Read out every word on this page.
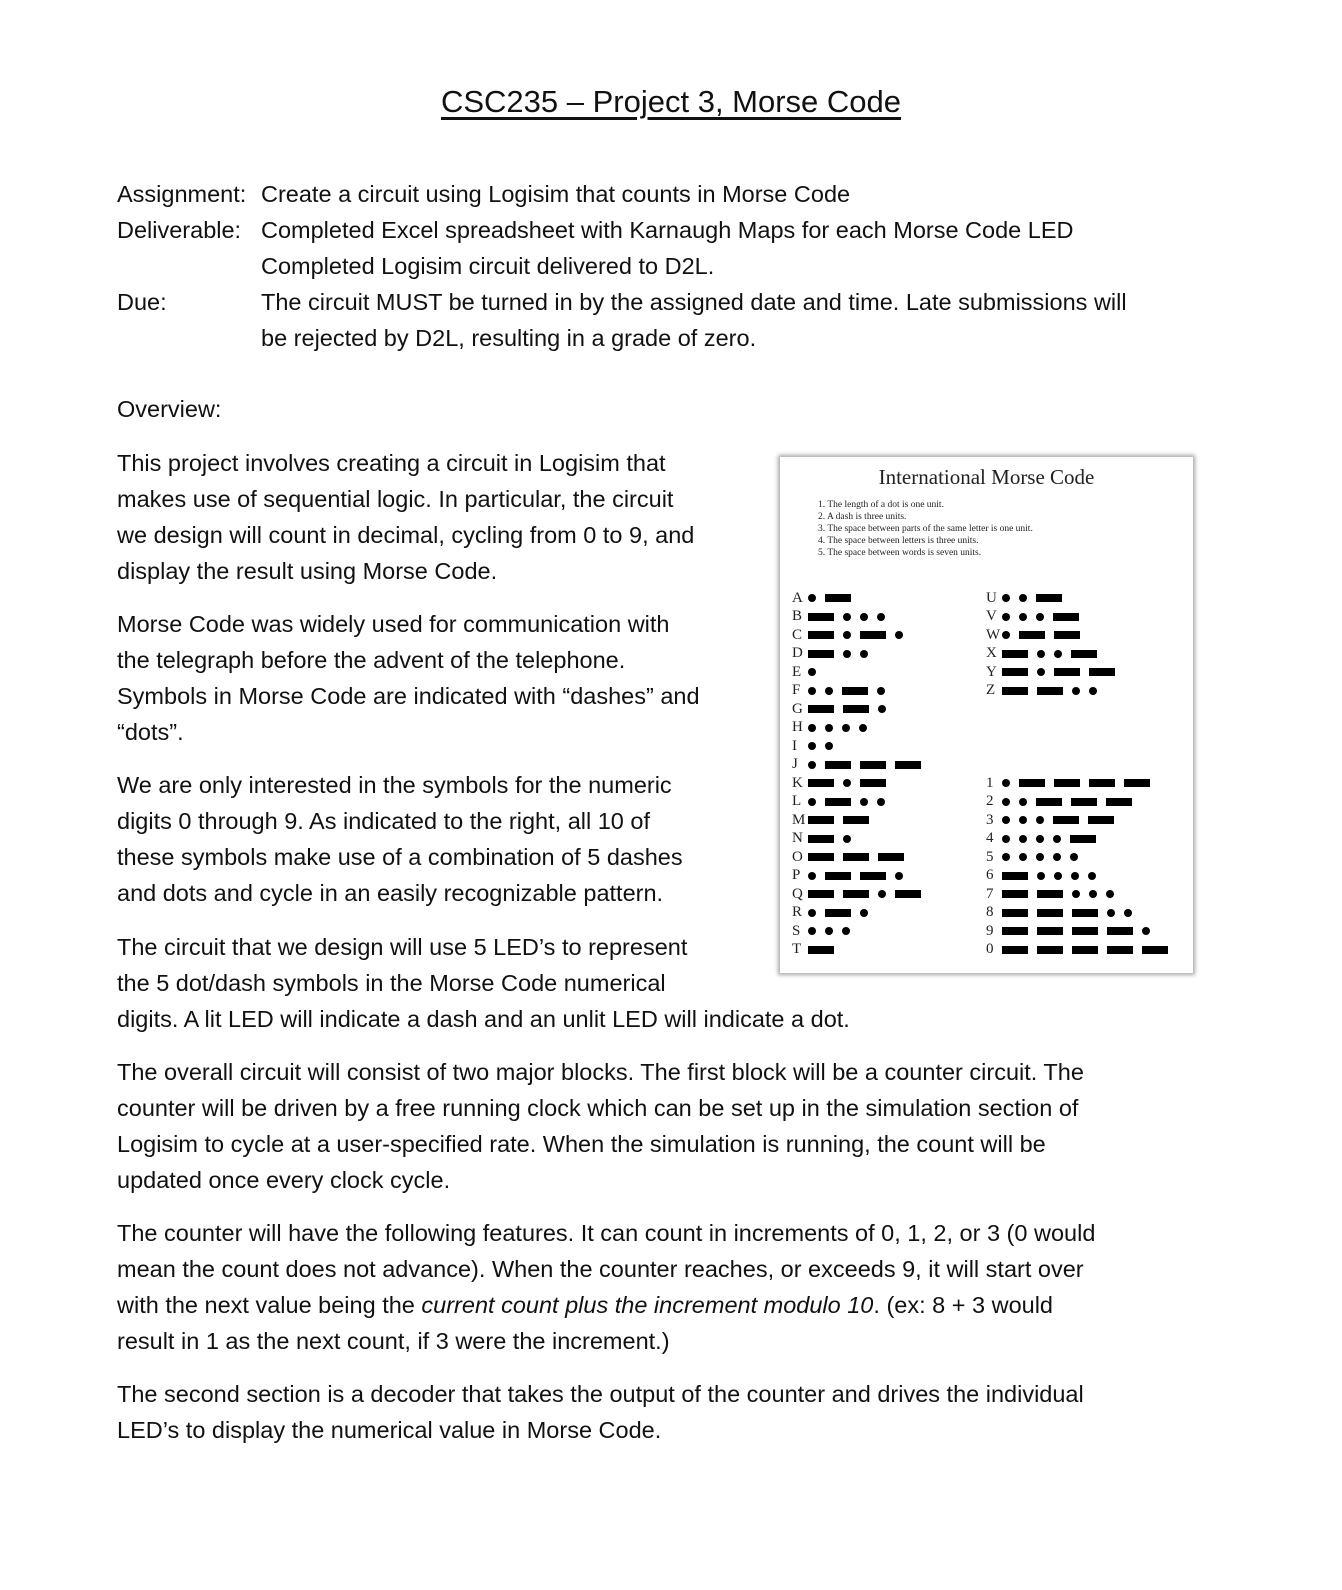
CSC235 – Project 3, Morse Code
Assignment: Create a circuit using Logisim that counts in Morse Code
Deliverable: Completed Excel spreadsheet with Karnaugh Maps for each Morse Code LED
Completed Logisim circuit delivered to D2L.
Due:	The circuit MUST be turned in by the assigned date and time. Late submissions will
be rejected by D2L, resulting in a grade of zero.
Overview:
This project involves creating a circuit in Logisim that
makes use of sequential logic. In particular, the circuit
we design will count in decimal, cycling from 0 to 9, and
display the result using Morse Code.
Morse Code was widely used for communication with
the telegraph before the advent of the telephone.
Symbols in Morse Code are indicated with “dashes” and
“dots”.
We are only interested in the symbols for the numeric
digits 0 through 9. As indicated to the right, all 10 of
these symbols make use of a combination of 5 dashes
and dots and cycle in an easily recognizable pattern.
The circuit that we design will use 5 LED’s to represent
the 5 dot/dash symbols in the Morse Code numerical
digits. A lit LED will indicate a dash and an unlit LED will indicate a dot.
The overall circuit will consist of two major blocks. The first block will be a counter circuit. The
counter will be driven by a free running clock which can be set up in the simulation section of
Logisim to cycle at a user-specified rate. When the simulation is running, the count will be
updated once every clock cycle.
The counter will have the following features. It can count in increments of 0, 1, 2, or 3 (0 would
mean the count does not advance). When the counter reaches, or exceeds 9, it will start over
with the next value being the current count plus the increment modulo 10. (ex: 8 + 3 would
result in 1 as the next count, if 3 were the increment.)
The second section is a decoder that takes the output of the counter and drives the individual
LED’s to display the numerical value in Morse Code.
International Morse Code
1. The length of a dot is one unit.
2. A dash is three units.
3. The space between parts of the same letter is one unit.
4. The space between letters is three units.
5. The space between words is seven units.
A
B
C
D
E
F
G
H
I
J
K
L
M
N
O
P
Q
R
S
T
U
V
W
X
Y
Z
1
2
3
4
5
6
7
8
9
0
